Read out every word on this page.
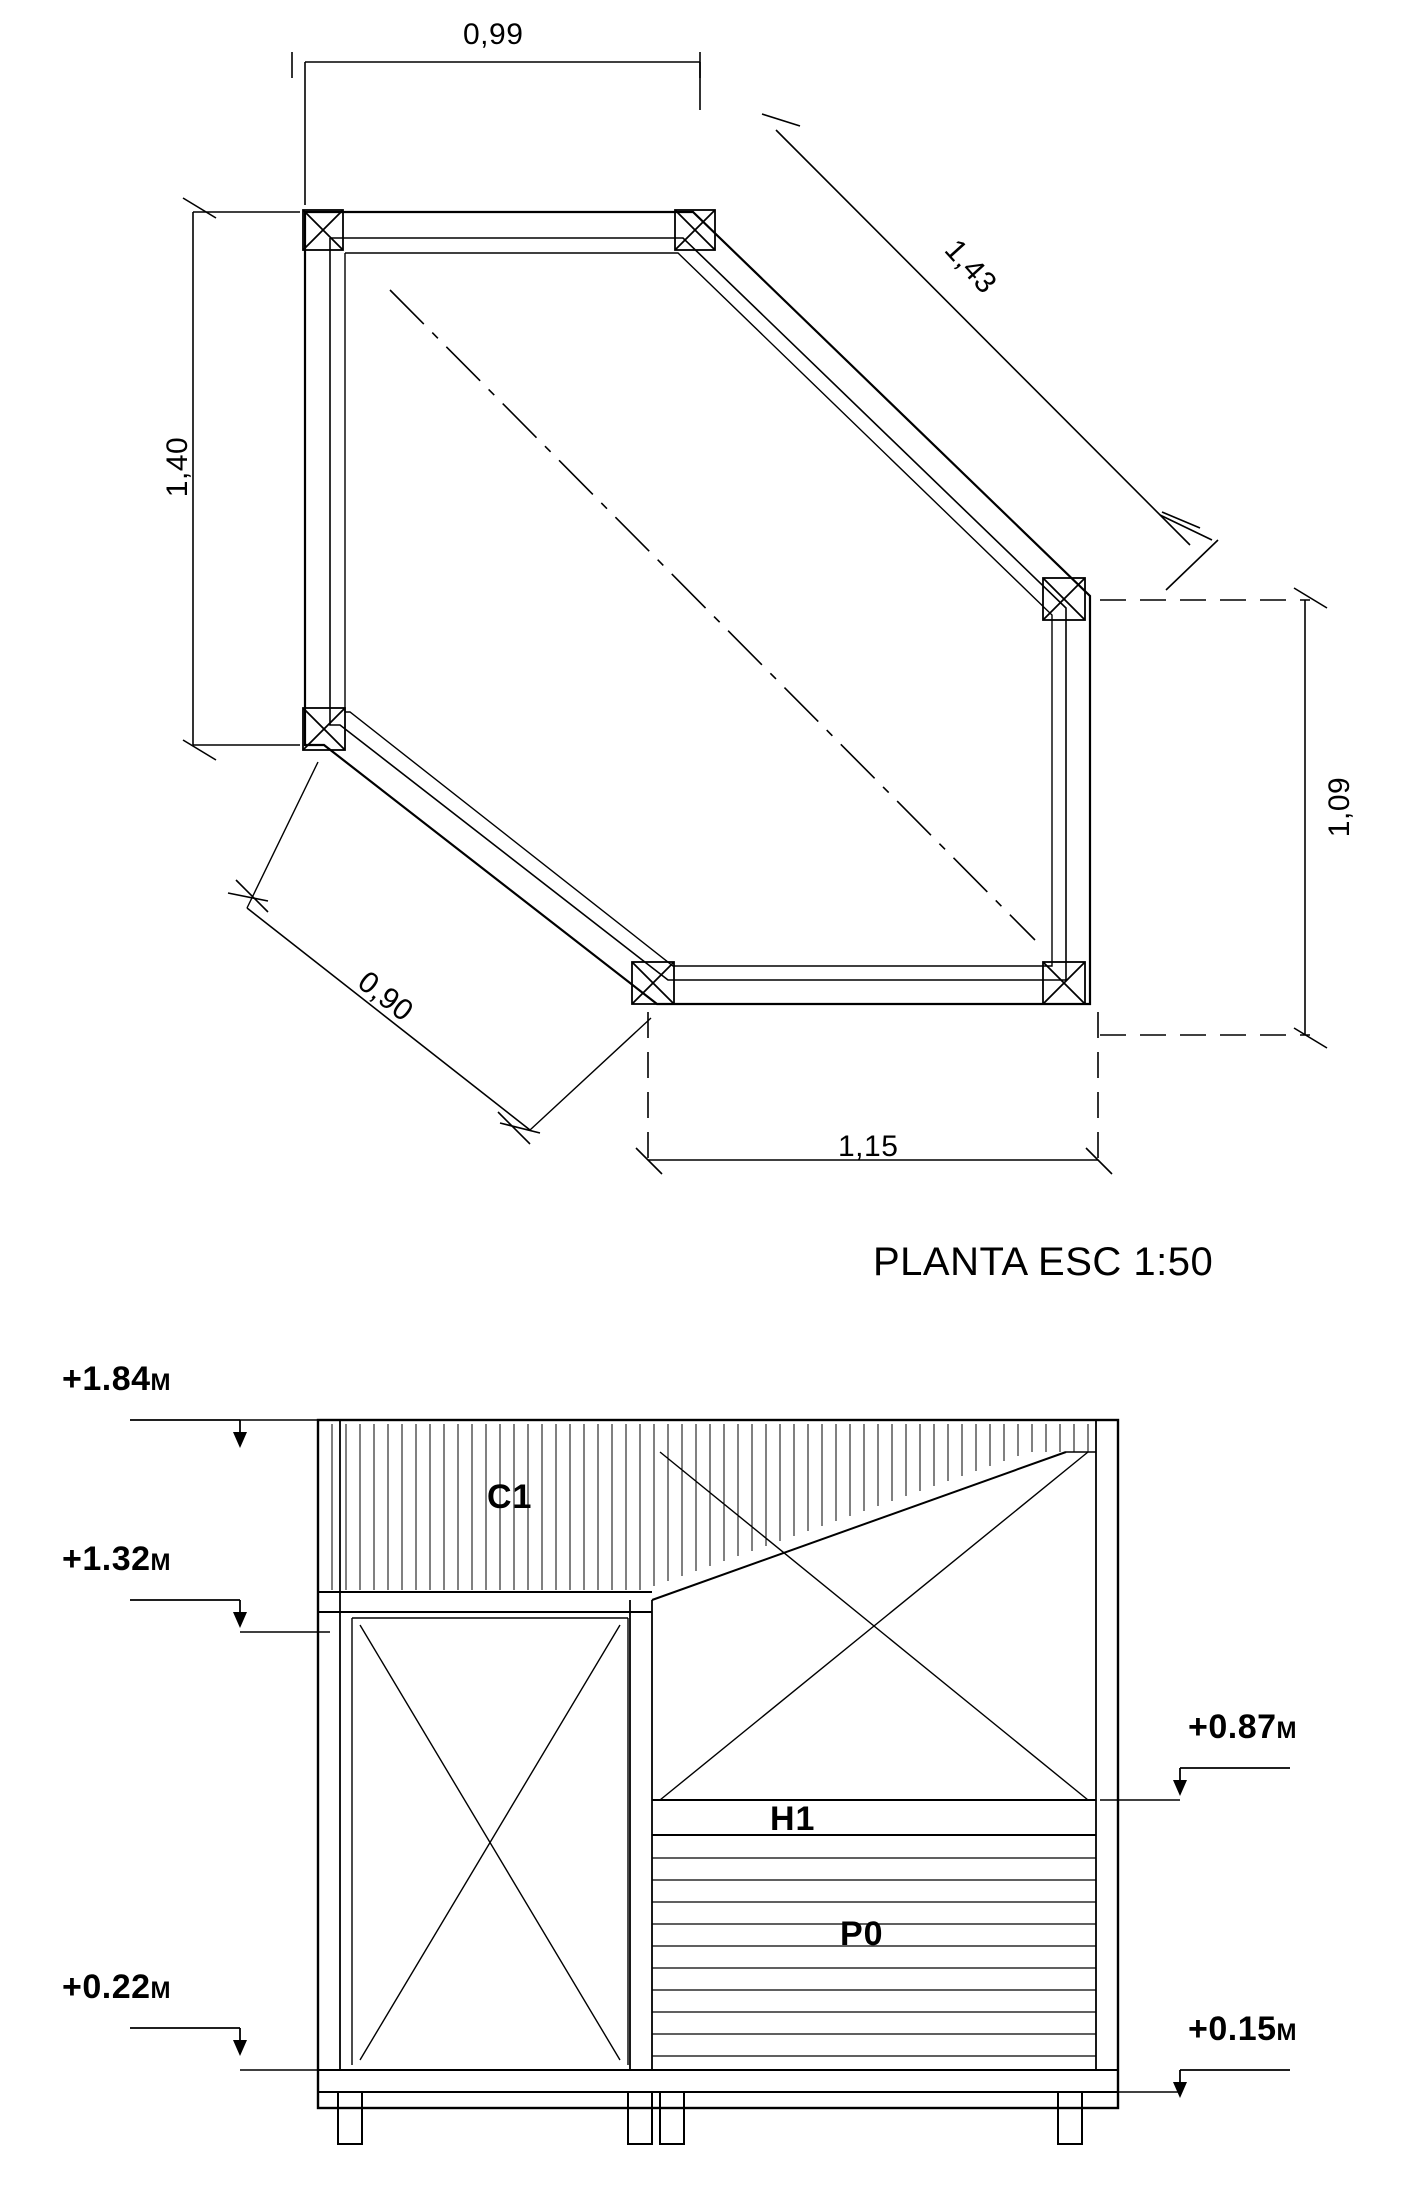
0,99
1,40
1,43
1,09
1,15
0,90
PLANTA ESC 1:50
+1.84M
+1.32M
+0.87M
+0.22M
+0.15M
C1
H1
P0
